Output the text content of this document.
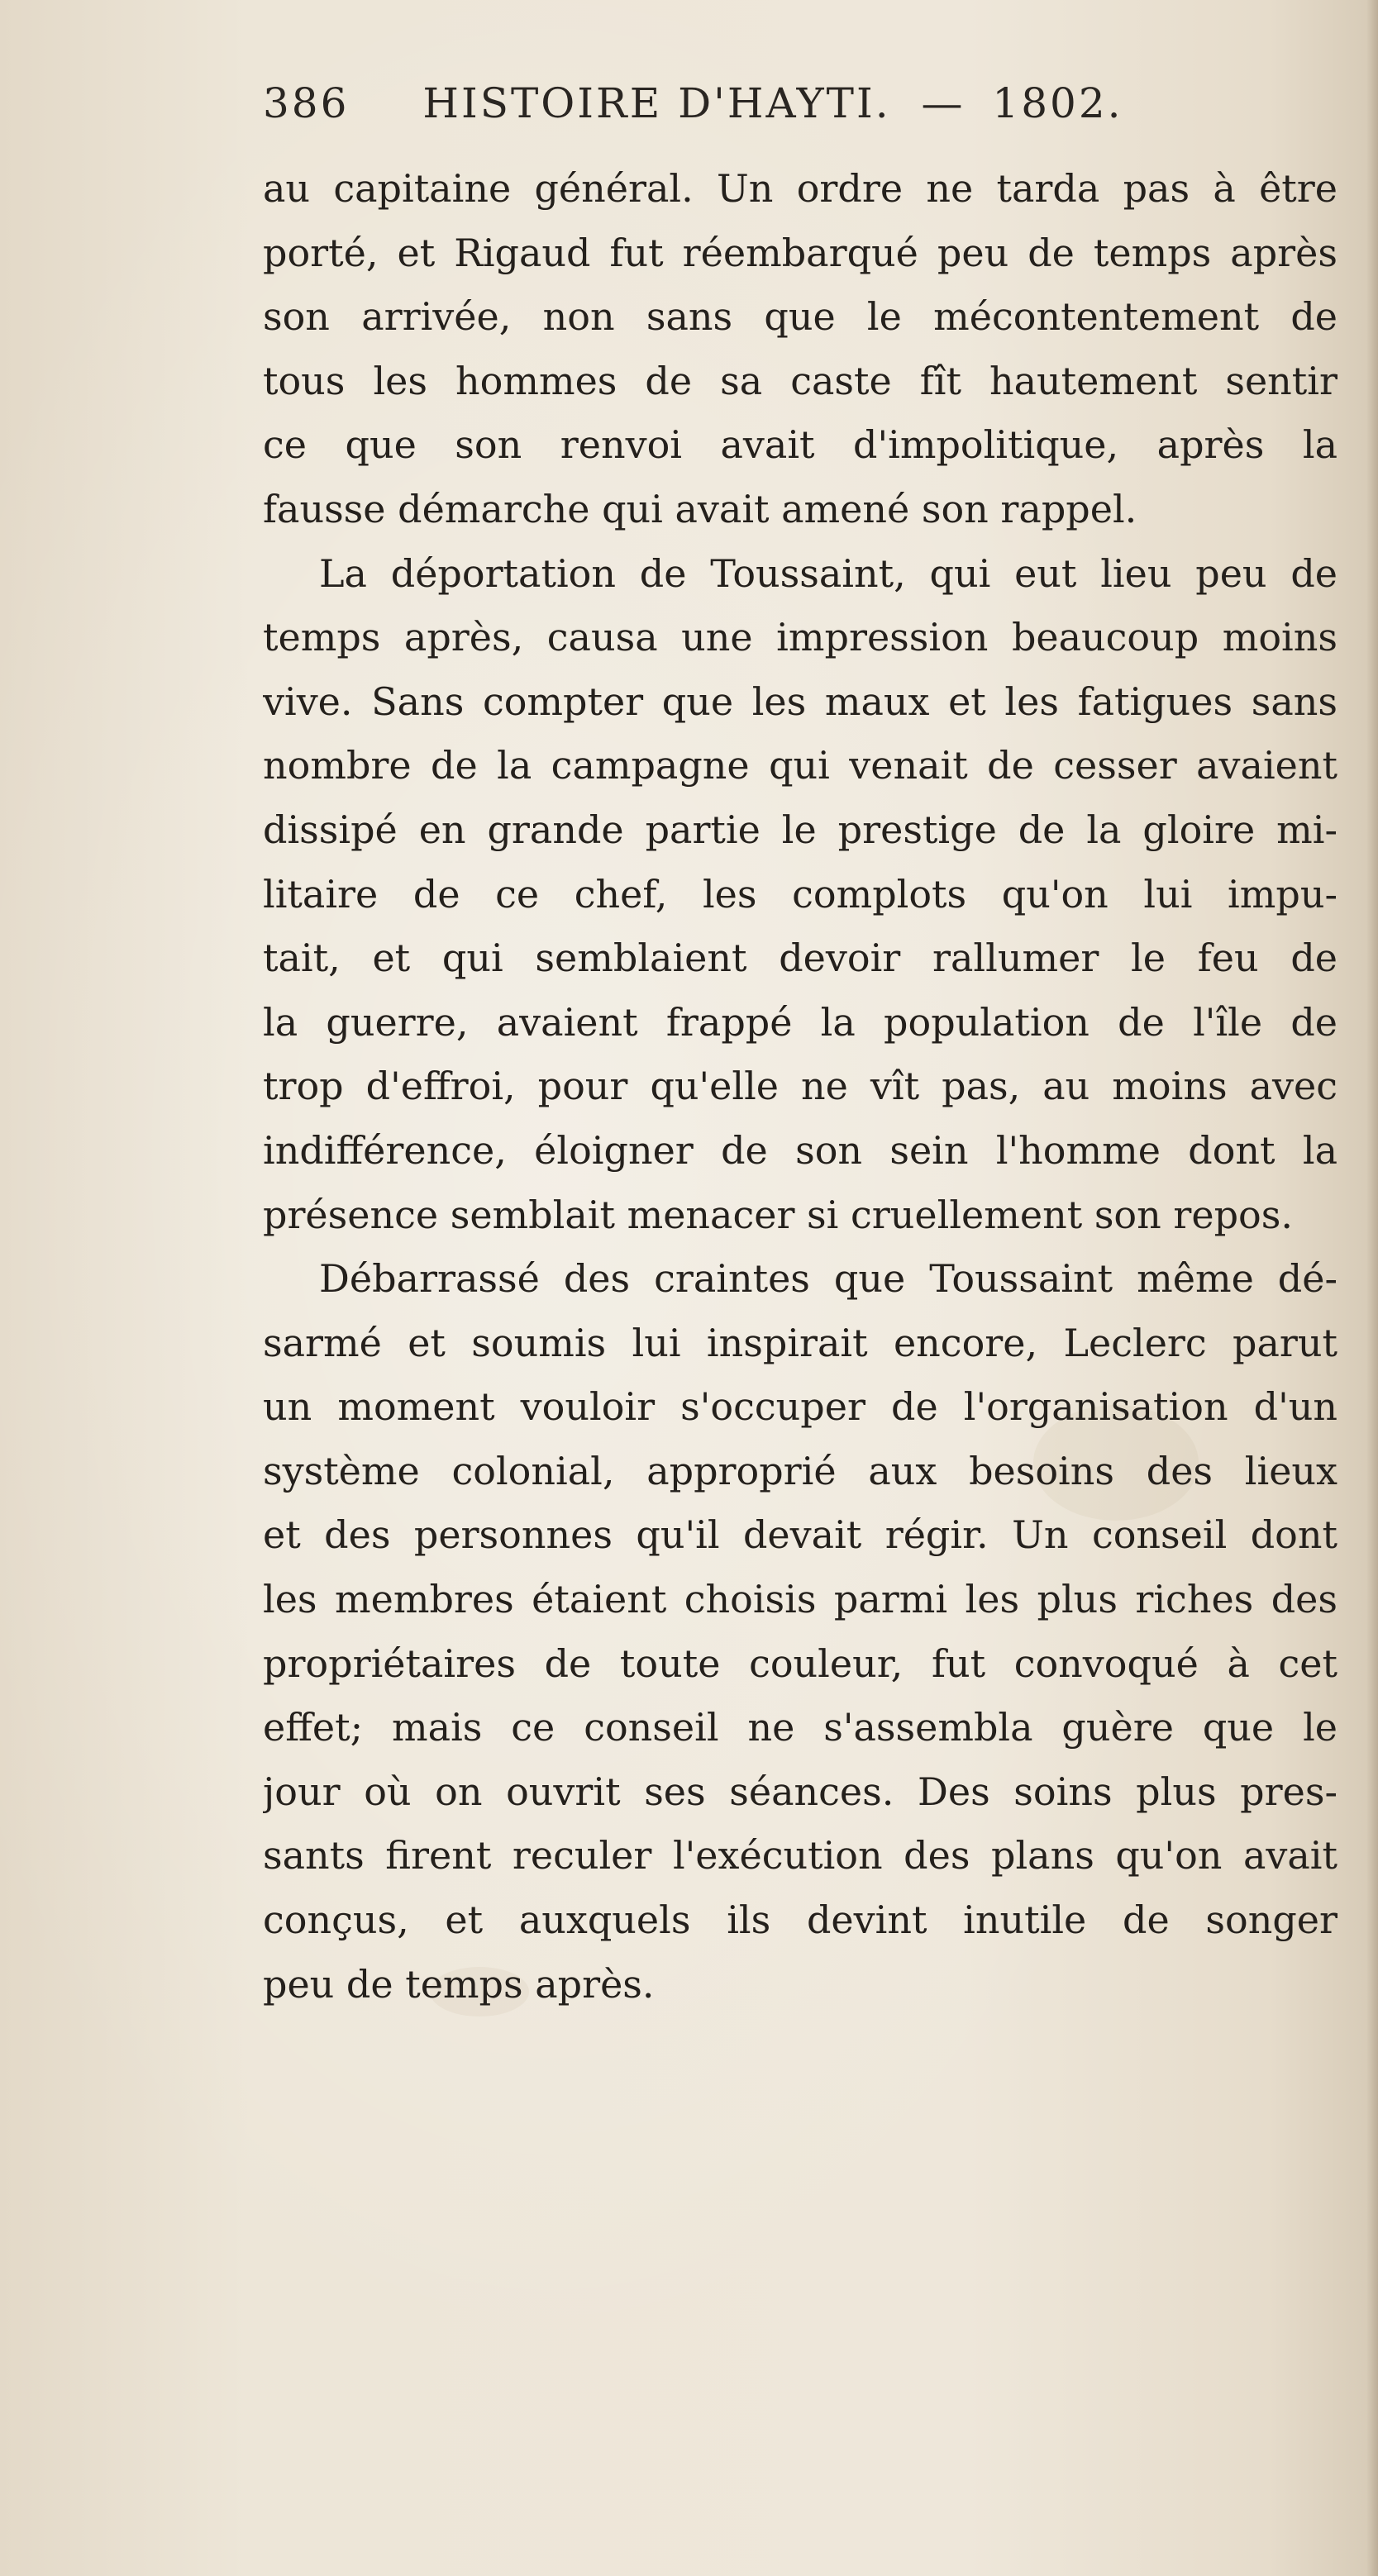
386 HISTOIRE D'HAYTI. — 1802.
au capitaine général. Un ordre ne tarda pas à être
porté, et Rigaud fut réembarqué peu de temps après
son arrivée, non sans que le mécontentement de
tous les hommes de sa caste fît hautement sentir
ce que son renvoi avait d'impolitique, après la
fausse démarche qui avait amené son rappel.
La déportation de Toussaint, qui eut lieu peu de
temps après, causa une impression beaucoup moins
vive. Sans compter que les maux et les fatigues sans
nombre de la campagne qui venait de cesser avaient
dissipé en grande partie le prestige de la gloire mi-
litaire de ce chef, les complots qu'on lui impu-
tait, et qui semblaient devoir rallumer le feu de
la guerre, avaient frappé la population de l'île de
trop d'effroi, pour qu'elle ne vît pas, au moins avec
indifférence, éloigner de son sein l'homme dont la
présence semblait menacer si cruellement son repos.
Débarrassé des craintes que Toussaint même dé-
sarmé et soumis lui inspirait encore, Leclerc parut
un moment vouloir s'occuper de l'organisation d'un
système colonial, approprié aux besoins des lieux
et des personnes qu'il devait régir. Un conseil dont
les membres étaient choisis parmi les plus riches des
propriétaires de toute couleur, fut convoqué à cet
effet; mais ce conseil ne s'assembla guère que le
jour où on ouvrit ses séances. Des soins plus pres-
sants firent reculer l'exécution des plans qu'on avait
conçus, et auxquels ils devint inutile de songer
peu de temps après.
